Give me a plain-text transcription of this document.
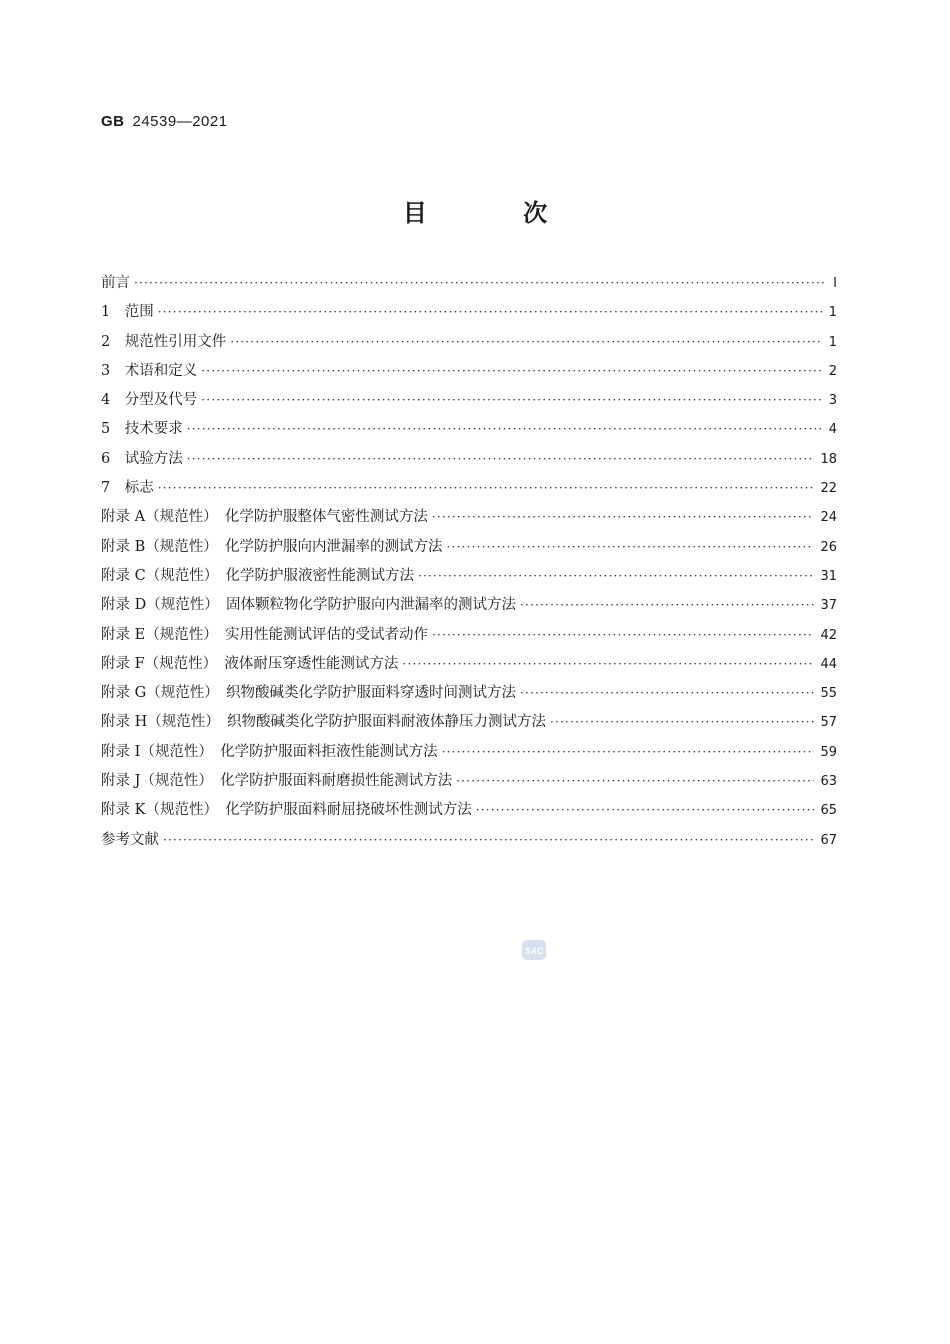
GB 24539—2021
目 次
前言 ·····	Ⅰ
1　范围 ·····	1
2　规范性引用文件 ·····	1
3　术语和定义 ·····	2
4　分型及代号 ·····	3
5　技术要求 ·····	4
6　试验方法 ·····	18
7　标志 ·····	22
附录 A（规范性）　化学防护服整体气密性测试方法 ·····	24
附录 B（规范性）　化学防护服向内泄漏率的测试方法 ·····	26
附录 C（规范性）　化学防护服液密性能测试方法 ·····	31
附录 D（规范性）　固体颗粒物化学防护服向内泄漏率的测试方法 ·····	37
附录 E（规范性）　实用性能测试评估的受试者动作 ·····	42
附录 F（规范性）　液体耐压穿透性能测试方法 ·····	44
附录 G（规范性）　织物酸碱类化学防护服面料穿透时间测试方法 ·····	55
附录 H（规范性）　织物酸碱类化学防护服面料耐液体静压力测试方法 ·····	57
附录 I（规范性）　化学防护服面料拒液性能测试方法 ·····	59
附录 J（规范性）　化学防护服面料耐磨损性能测试方法 ·····	63
附录 K（规范性）　化学防护服面料耐屈挠破坏性测试方法 ·····	65
参考文献 ·····	67
SAC
